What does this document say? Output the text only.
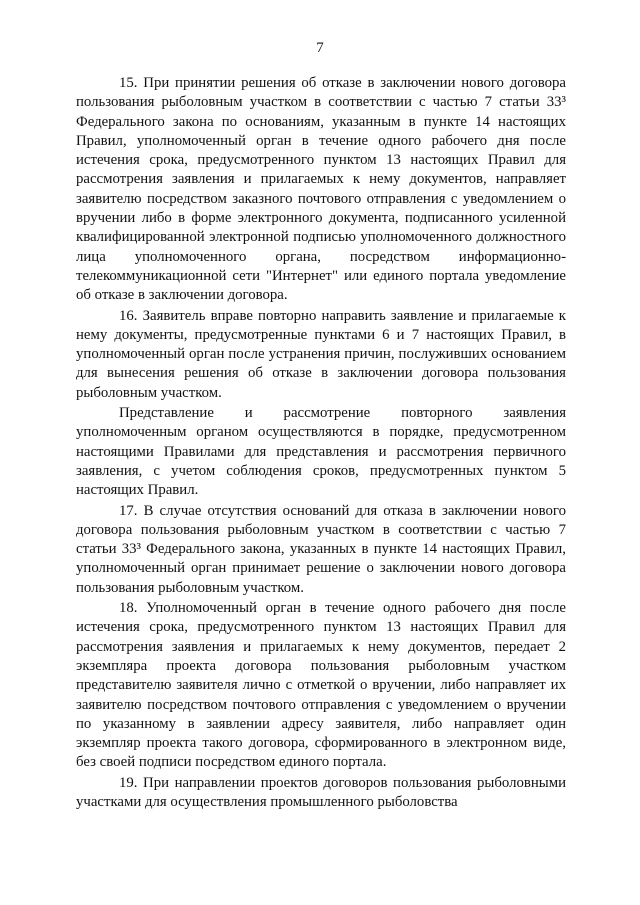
7

15. При принятии решения об отказе в заключении нового договора пользования рыболовным участком в соответствии с частью 7 статьи 33³ Федерального закона по основаниям, указанным в пункте 14 настоящих Правил, уполномоченный орган в течение одного рабочего дня после истечения срока, предусмотренного пунктом 13 настоящих Правил для рассмотрения заявления и прилагаемых к нему документов, направляет заявителю посредством заказного почтового отправления с уведомлением о вручении либо в форме электронного документа, подписанного усиленной квалифицированной электронной подписью уполномоченного должностного лица уполномоченного органа, посредством информационно-телекоммуникационной сети "Интернет" или единого портала уведомление об отказе в заключении договора.

16. Заявитель вправе повторно направить заявление и прилагаемые к нему документы, предусмотренные пунктами 6 и 7 настоящих Правил, в уполномоченный орган после устранения причин, послуживших основанием для вынесения решения об отказе в заключении договора пользования рыболовным участком.

Представление и рассмотрение повторного заявления уполномоченным органом осуществляются в порядке, предусмотренном настоящими Правилами для представления и рассмотрения первичного заявления, с учетом соблюдения сроков, предусмотренных пунктом 5 настоящих Правил.

17. В случае отсутствия оснований для отказа в заключении нового договора пользования рыболовным участком в соответствии с частью 7 статьи 33³ Федерального закона, указанных в пункте 14 настоящих Правил, уполномоченный орган принимает решение о заключении нового договора пользования рыболовным участком.

18. Уполномоченный орган в течение одного рабочего дня после истечения срока, предусмотренного пунктом 13 настоящих Правил для рассмотрения заявления и прилагаемых к нему документов, передает 2 экземпляра проекта договора пользования рыболовным участком представителю заявителя лично с отметкой о вручении, либо направляет их заявителю посредством почтового отправления с уведомлением о вручении по указанному в заявлении адресу заявителя, либо направляет один экземпляр проекта такого договора, сформированного в электронном виде, без своей подписи посредством единого портала.

19. При направлении проектов договоров пользования рыболовными участками для осуществления промышленного рыболовства
